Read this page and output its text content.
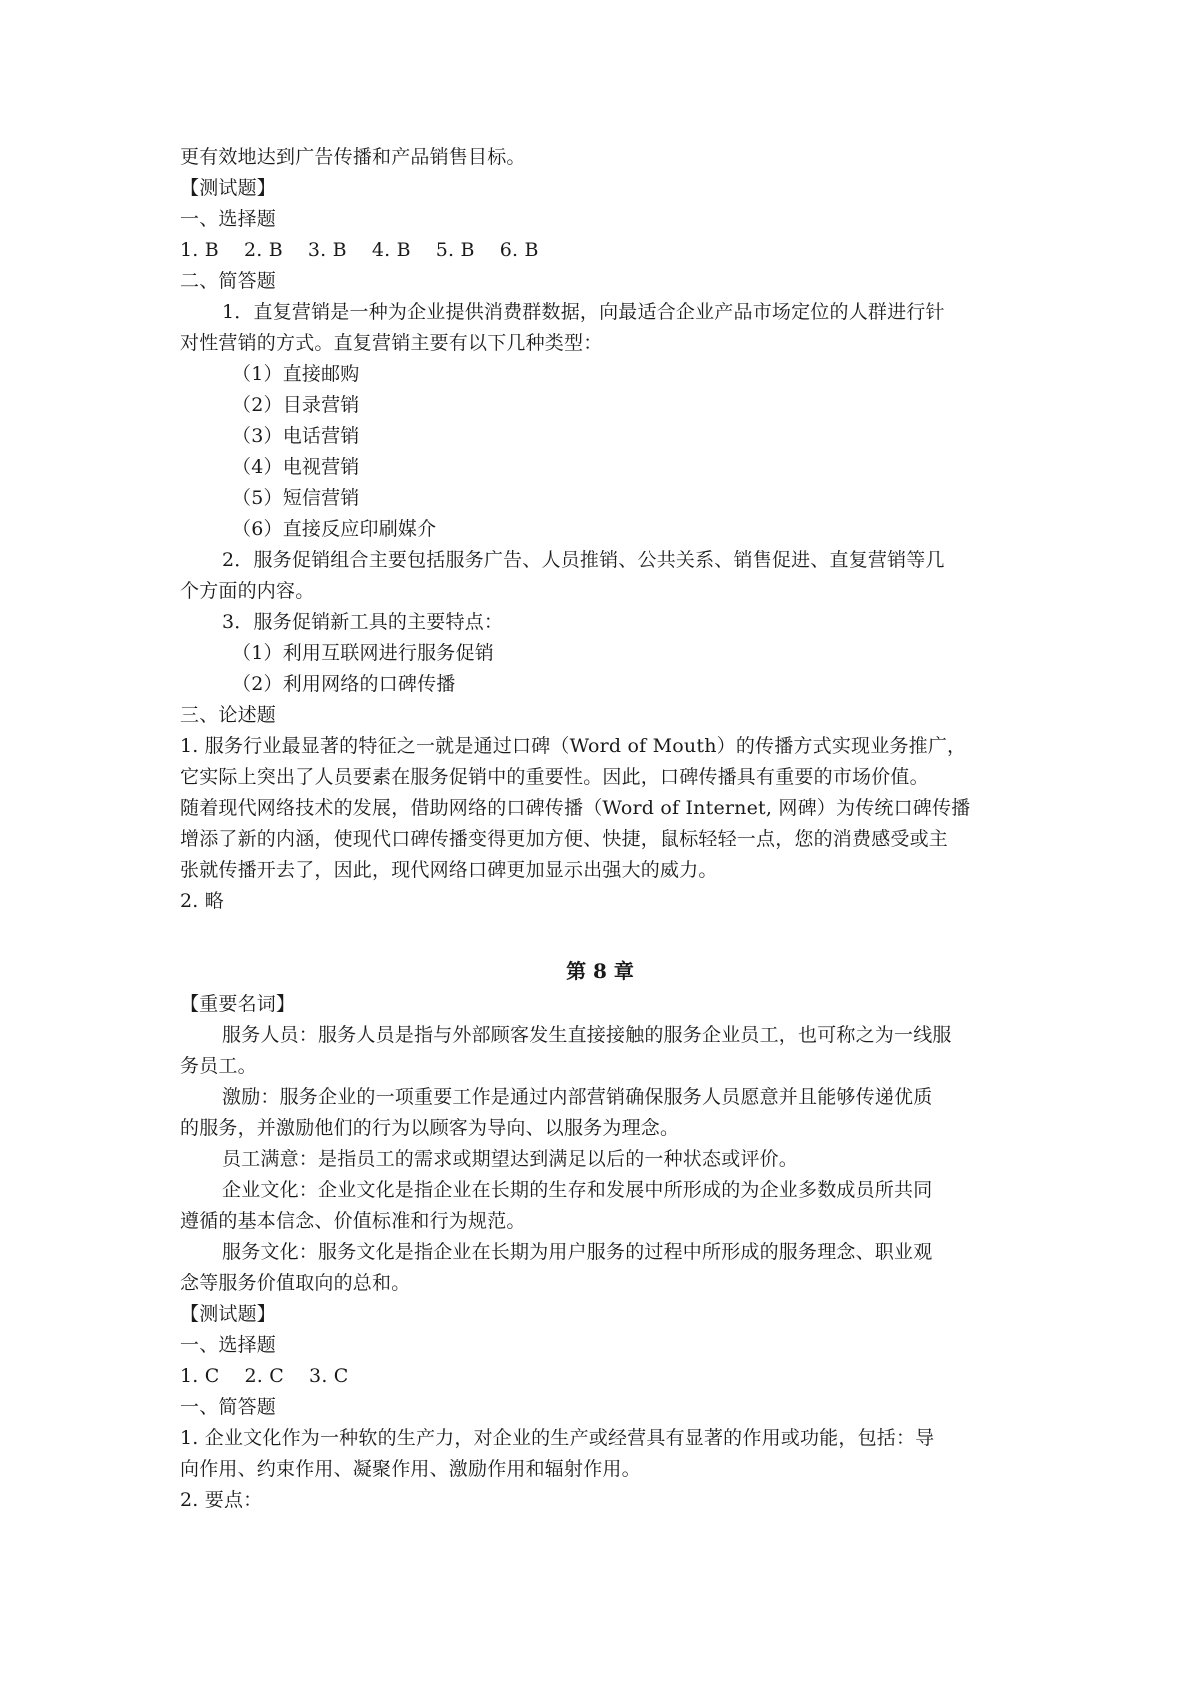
更有效地达到广告传播和产品销售目标。
【测试题】
一、选择题
1. B 2. B 3. B 4. B 5. B 6. B
二、简答题
1．直复营销是一种为企业提供消费群数据，向最适合企业产品市场定位的人群进行针
对性营销的方式。直复营销主要有以下几种类型：
（1）直接邮购
（2）目录营销
（3）电话营销
（4）电视营销
（5）短信营销
（6）直接反应印刷媒介
2．服务促销组合主要包括服务广告、人员推销、公共关系、销售促进、直复营销等几
个方面的内容。
3．服务促销新工具的主要特点：
（1）利用互联网进行服务促销
（2）利用网络的口碑传播
三、论述题
1. 服务行业最显著的特征之一就是通过口碑（Word of Mouth）的传播方式实现业务推广，
它实际上突出了人员要素在服务促销中的重要性。因此，口碑传播具有重要的市场价值。
随着现代网络技术的发展，借助网络的口碑传播（Word of Internet, 网碑）为传统口碑传播
增添了新的内涵，使现代口碑传播变得更加方便、快捷，鼠标轻轻一点，您的消费感受或主
张就传播开去了，因此，现代网络口碑更加显示出强大的威力。
2. 略
第 8 章
【重要名词】
服务人员：服务人员是指与外部顾客发生直接接触的服务企业员工，也可称之为一线服
务员工。
激励：服务企业的一项重要工作是通过内部营销确保服务人员愿意并且能够传递优质
的服务，并激励他们的行为以顾客为导向、以服务为理念。
员工满意：是指员工的需求或期望达到满足以后的一种状态或评价。
企业文化：企业文化是指企业在长期的生存和发展中所形成的为企业多数成员所共同
遵循的基本信念、价值标准和行为规范。
服务文化：服务文化是指企业在长期为用户服务的过程中所形成的服务理念、职业观
念等服务价值取向的总和。
【测试题】
一、选择题
1. C 2. C 3. C
一、简答题
1. 企业文化作为一种软的生产力，对企业的生产或经营具有显著的作用或功能，包括：导
向作用、约束作用、凝聚作用、激励作用和辐射作用。
2. 要点：
